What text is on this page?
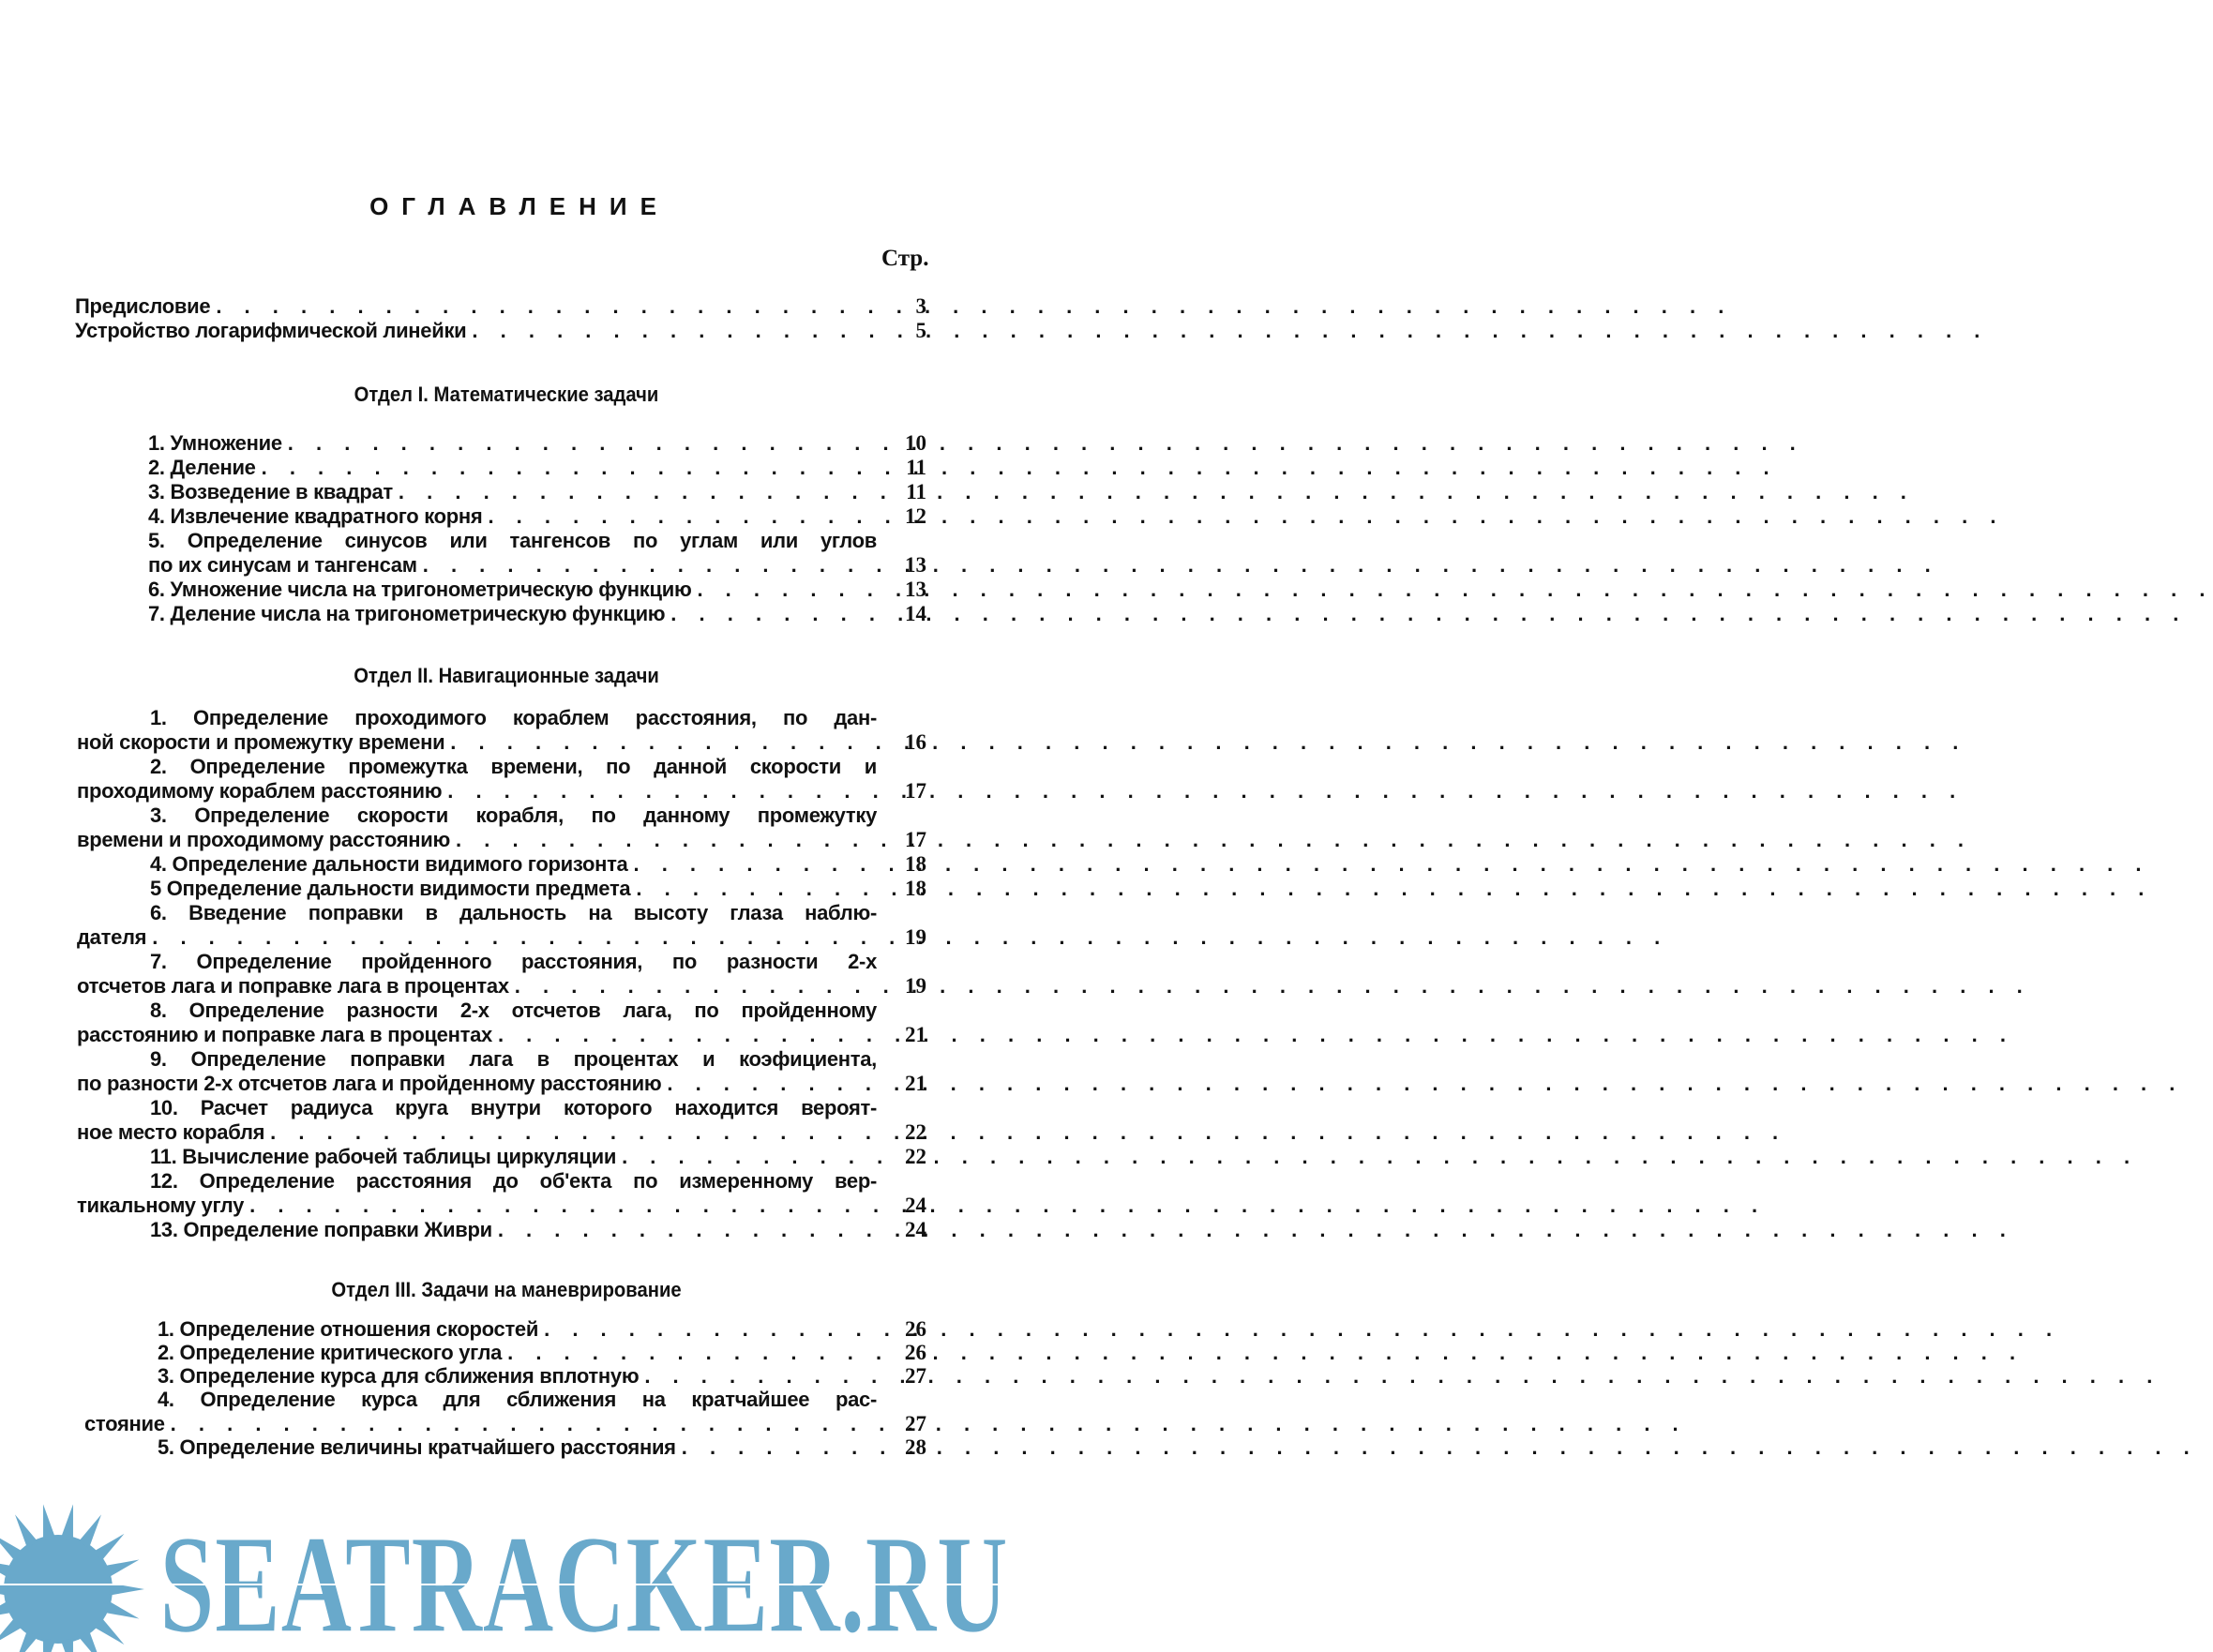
ОГЛАВЛЕНИЕ
Стр.
Предисловие . . .	3
Устройство логарифмической линейки . . .	5
Отдел I. Математические задачи
1. Умножение . . .	10
2. Деление . . .	11
3. Возведение в квадрат . . .	11
4. Извлечение квадратного корня . . .	12
5. Определение синусов или тангенсов по углам или углов
по их синусам и тангенсам . . .	13
6. Умножение числа на тригонометрическую функцию . . .	13
7. Деление числа на тригонометрическую функцию . . .	14
Отдел II. Навигационные задачи
1. Определение проходимого кораблем расстояния, по дан-
ной скорости и промежутку времени . . .	16
2. Определение промежутка времени, по данной скорости и
проходимому кораблем расстоянию . . .	17
3. Определение скорости корабля, по данному промежутку
времени и проходимому расстоянию . . .	17
4. Определение дальности видимого горизонта . . .	18
5 Определение дальности видимости предмета . . .	18
6. Введение поправки в дальность на высоту глаза наблю-
дателя . . .	19
7. Определение пройденного расстояния, по разности 2-х
отсчетов лага и поправке лага в процентах . . .	19
8. Определение разности 2-х отсчетов лага, по пройденному
расстоянию и поправке лага в процентах . . .	21
9. Определение поправки лага в процентах и коэфициента,
по разности 2-х отсчетов лага и пройденному расстоянию . . .	21
10. Расчет радиуса круга внутри которого находится вероят-
ное место корабля . . .	22
11. Вычисление рабочей таблицы циркуляции . . .	22
12. Определение расстояния до об'екта по измеренному вер-
тикальному углу . . .	24
13. Определение поправки Живри . . .	24
Отдел III. Задачи на маневрирование
1. Определение отношения скоростей . . .	26
2. Определение критического угла . . .	26
3. Определение курса для сближения вплотную . . .	27
4. Определение курса для сближения на кратчайшее рас-
стояние . . .	27
5. Определение величины кратчайшего расстояния . . .	28
SEATRACKER.RU
